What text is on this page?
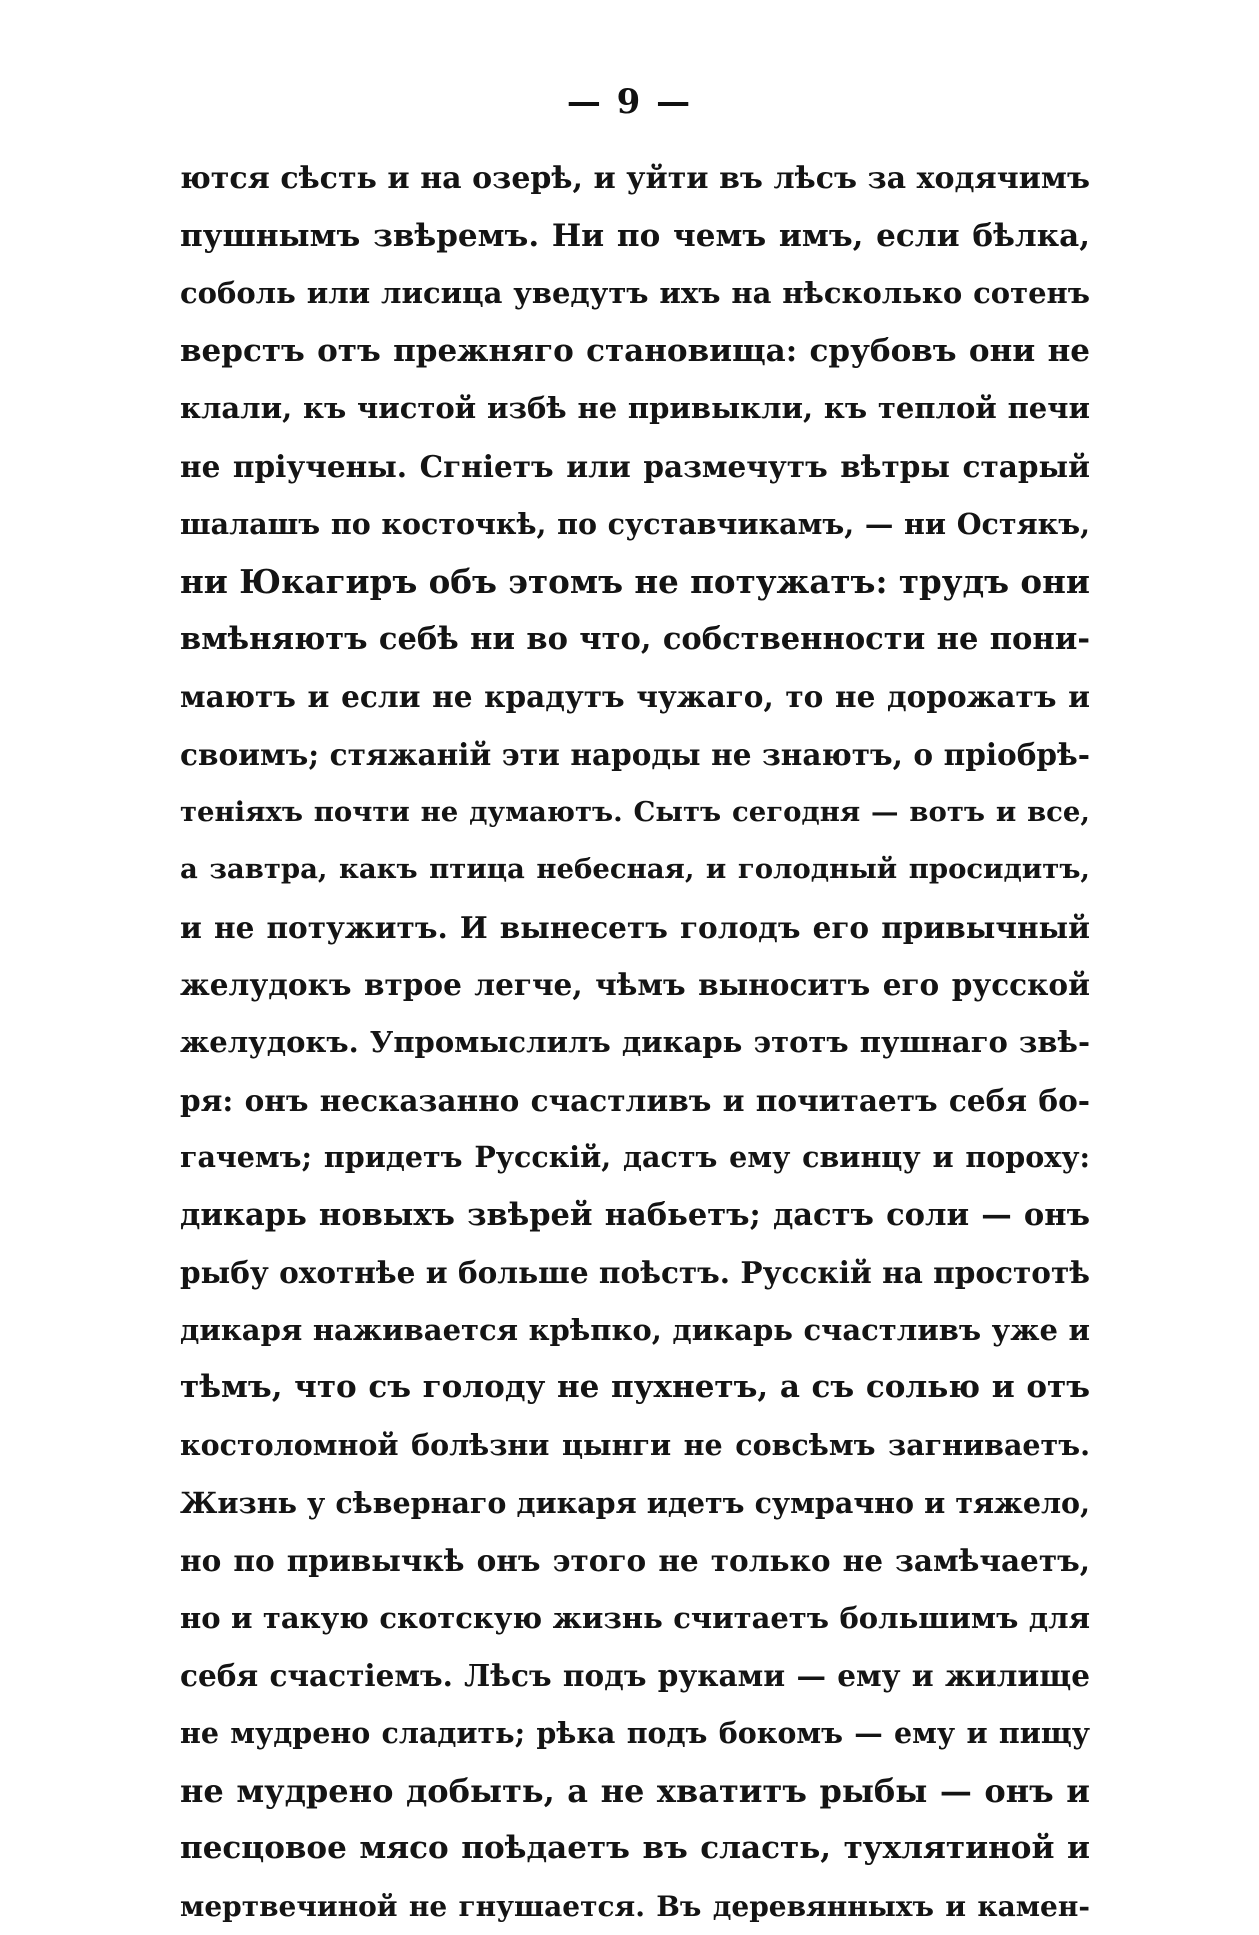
— 9 —
ются сѣсть и на озерѣ, и уйти въ лѣсъ за ходячимъ
пушнымъ звѣремъ. Ни по чемъ имъ, если бѣлка,
соболь или лисица уведутъ ихъ на нѣсколько сотенъ
верстъ отъ прежняго становища: срубовъ они не
клали, къ чистой избѣ не привыкли, къ теплой печи
не пріучены. Сгніетъ или размечутъ вѣтры старый
шалашъ по косточкѣ, по суставчикамъ, — ни Остякъ,
ни Юкагиръ объ этомъ не потужатъ: трудъ они
вмѣняютъ себѣ ни во что, собственности не пони-
маютъ и если не крадутъ чужаго, то не дорожатъ и
своимъ; стяжаній эти народы не знаютъ, о пріобрѣ-
теніяхъ почти не думаютъ. Сытъ сегодня — вотъ и все,
а завтра, какъ птица небесная, и голодный просидитъ,
и не потужитъ. И вынесетъ голодъ его привычный
желудокъ втрое легче, чѣмъ выноситъ его русской
желудокъ. Упромыслилъ дикарь этотъ пушнаго звѣ-
ря: онъ несказанно счастливъ и почитаетъ себя бо-
гачемъ; придетъ Русскій, дастъ ему свинцу и пороху:
дикарь новыхъ звѣрей набьетъ; дастъ соли — онъ
рыбу охотнѣе и больше поѣстъ. Русскій на простотѣ
дикаря наживается крѣпко, дикарь счастливъ уже и
тѣмъ, что съ голоду не пухнетъ, а съ солью и отъ
костоломной болѣзни цынги не совсѣмъ загниваетъ.
Жизнь у сѣвернаго дикаря идетъ сумрачно и тяжело,
но по привычкѣ онъ этого не только не замѣчаетъ,
но и такую скотскую жизнь считаетъ большимъ для
себя счастіемъ. Лѣсъ подъ руками — ему и жилище
не мудрено сладить; рѣка подъ бокомъ — ему и пищу
не мудрено добыть, а не хватитъ рыбы — онъ и
песцовое мясо поѣдаетъ въ сласть, тухлятиной и
мертвечиной не гнушается. Въ деревянныхъ и камен-
